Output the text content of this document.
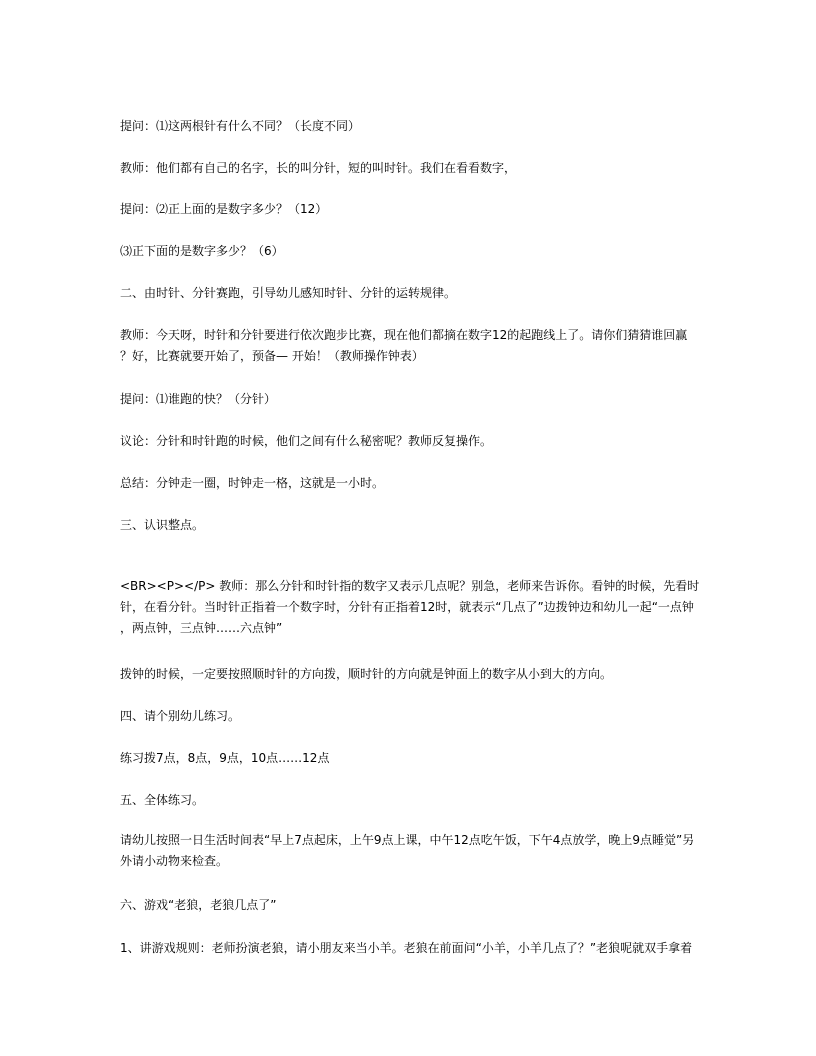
提问：⑴这两根针有什么不同？（长度不同）

教师：他们都有自己的名字，长的叫分针，短的叫时针。我们在看看数字，

提问：⑵正上面的是数字多少？（12）

⑶正下面的是数字多少？（6）

二、由时针、分针赛跑，引导幼儿感知时针、分针的运转规律。

教师：今天呀，时针和分针要进行依次跑步比赛，现在他们都摘在数字12的起跑线上了。请你们猜猜谁回赢
？好，比赛就要开始了，预备— 开始！（教师操作钟表）

提问：⑴谁跑的快？（分针）

议论：分针和时针跑的时候，他们之间有什么秘密呢？教师反复操作。

总结：分钟走一圈，时钟走一格，这就是一小时。

三、认识整点。

<BR><P></P> 教师：那么分针和时针指的数字又表示几点呢？别急，老师来告诉你。看钟的时候，先看时
针，在看分针。当时针正指着一个数字时，分针有正指着12时，就表示“几点了”边拨钟边和幼儿一起“一点钟
，两点钟，三点钟……六点钟”

拨钟的时候，一定要按照顺时针的方向拨，顺时针的方向就是钟面上的数字从小到大的方向。

四、请个别幼儿练习。

练习拨7点，8点，9点，10点……12点

五、全体练习。

请幼儿按照一日生活时间表“早上7点起床，上午9点上课，中午12点吃午饭，下午4点放学，晚上9点睡觉”另
外请小动物来检查。

六、游戏“老狼，老狼几点了”

1、讲游戏规则：老师扮演老狼，请小朋友来当小羊。老狼在前面问“小羊，小羊几点了？”老狼呢就双手拿着
